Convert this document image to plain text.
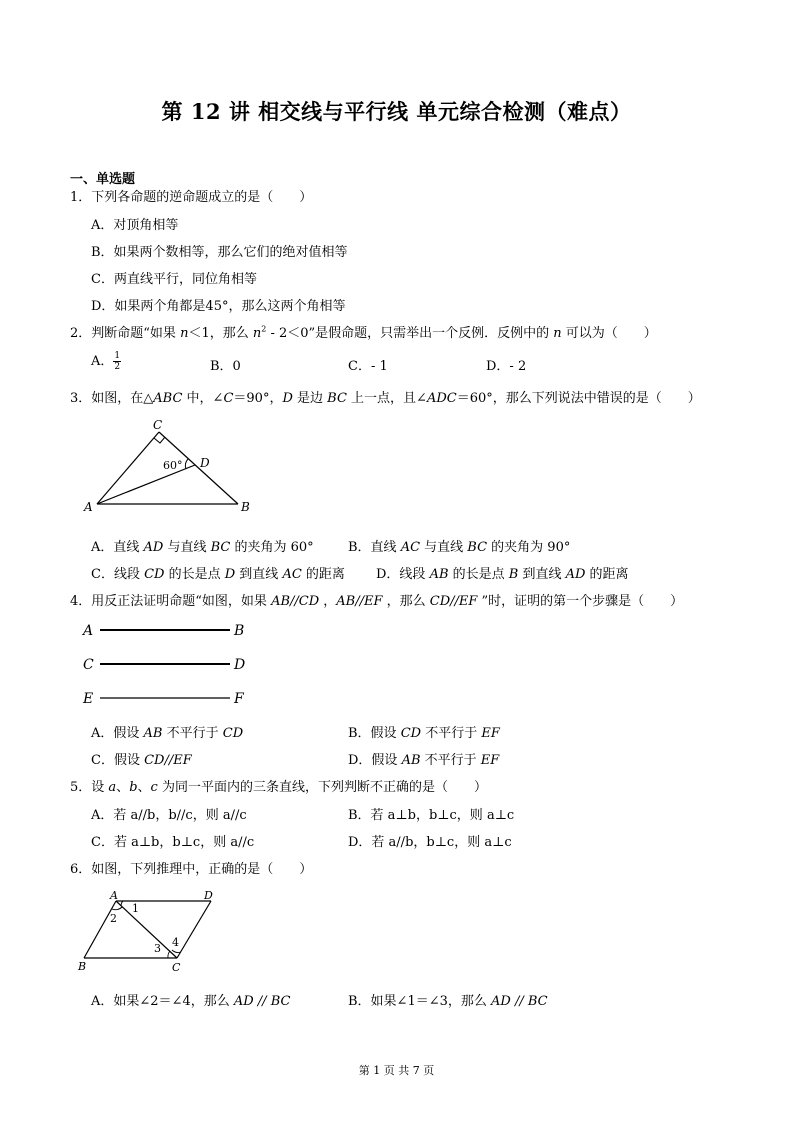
第 12 讲 相交线与平行线 单元综合检测（难点）
一、单选题
1．下列各命题的逆命题成立的是（　　）
A．对顶角相等
B．如果两个数相等，那么它们的绝对值相等
C．两直线平行，同位角相等
D．如果两个角都是45°，那么这两个角相等
2．判断命题“如果 n＜1，那么 $n^2 - 2<0$”是假命题，只需举出一个反例．反例中的 n 可以为（　　）
A． $\frac{1}{2}$	B．0	C．- 1	D．- 2
3．如图，在△ABC 中，∠C＝90°，D 是边 BC 上一点，且∠ADC＝60°，那么下列说法中错误的是（　　）
C
D
A	B
60°
A．直线 AD 与直线 BC 的夹角为 60°	B．直线 AC 与直线 BC 的夹角为 90°
C．线段 CD 的长是点 D 到直线 AC 的距离 D．线段 AB 的长是点 B 到直线 AD 的距离
4．用反正法证明命题“如图，如果 AB//CD ，AB//EF ，那么 CD//EF ”时，证明的第一个步骤是（　　）
A	B
C	D
E	F
A．假设 AB 不平行于 CD	B．假设 CD 不平行于 EF
C．假设 CD//EF	D．假设 AB 不平行于 EF
5．设 a、b、c 为同一平面内的三条直线，下列判断不正确的是（　　）
A．若 a//b，b//c，则 a//c	B．若 a⊥b，b⊥c，则 a⊥c
C．若 a⊥b，b⊥c，则 a//c	D．若 a//b，b⊥c，则 a⊥c
6．如图，下列推理中，正确的是（　　）
A	D
B	C
1
2
3 4
A．如果∠2＝∠4，那么 AD // BC	B．如果∠1＝∠3，那么 AD // BC
第 1 页 共 7 页
